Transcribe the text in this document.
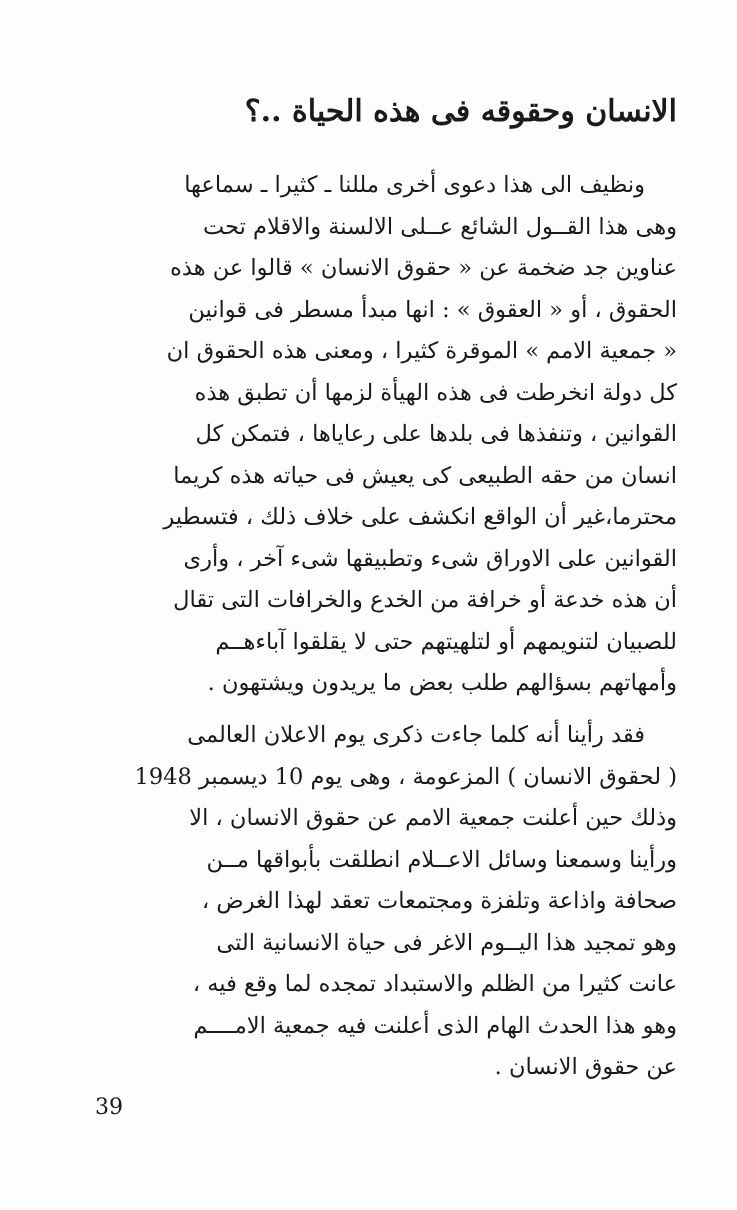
الانسان وحقوقه فى هذه الحياة ..؟
ونظيف الى هذا دعوى أخرى مللنا ـ كثيرا ـ سماعها
وهى هذا القــول الشائع عــلى الالسنة والاقلام تحت
عناوين جد ضخمة عن « حقوق الانسان » قالوا عن هذه
الحقوق ، أو « العقوق » : انها مبدأ مسطر فى قوانين
« جمعية الامم » الموقرة كثيرا ، ومعنى هذه الحقوق ان
كل دولة انخرطت فى هذه الهيأة لزمها أن تطبق هذه
القوانين ، وتنفذها فى بلدها على رعاياها ، فتمكن كل
انسان من حقه الطبيعى كى يعيش فى حياته هذه كريما
محترما،غير أن الواقع انكشف على خلاف ذلك ، فتسطير
القوانين على الاوراق شىء وتطبيقها شىء آخر ، وأرى
أن هذه خدعة أو خرافة من الخدع والخرافات التى تقال
للصبيان لتنويمهم أو لتلهيتهم حتى لا يقلقوا آباءهــم
وأمهاتهم بسؤالهم طلب بعض ما يريدون ويشتهون .
فقد رأينا أنه كلما جاءت ذكرى يوم الاعلان العالمى
( لحقوق الانسان ) المزعومة ، وهى يوم 10 ديسمبر 1948
وذلك حين أعلنت جمعية الامم عن حقوق الانسان ، الا
ورأينا وسمعنا وسائل الاعــلام انطلقت بأبواقها مــن
صحافة واذاعة وتلفزة ومجتمعات تعقد لهذا الغرض ،
وهو تمجيد هذا اليــوم الاغر فى حياة الانسانية التى
عانت كثيرا من الظلم والاستبداد تمجده لما وقع فيه ،
وهو هذا الحدث الهام الذى أعلنت فيه جمعية الامــــم
عن حقوق الانسان .
39
